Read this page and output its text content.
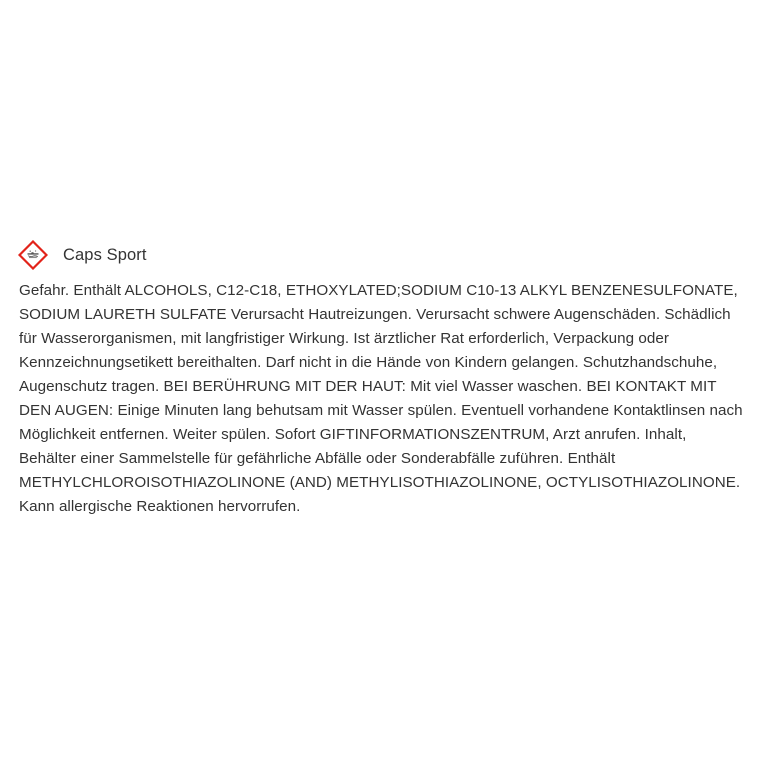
Caps Sport
Gefahr. Enthält ALCOHOLS, C12-C18, ETHOXYLATED;SODIUM C10-13 ALKYL BENZENESULFONATE, SODIUM LAURETH SULFATE Verursacht Hautreizungen. Verursacht schwere Augenschäden. Schädlich für Wasserorganismen, mit langfristiger Wirkung. Ist ärztlicher Rat erforderlich, Verpackung oder Kennzeichnungsetikett bereithalten. Darf nicht in die Hände von Kindern gelangen. Schutzhandschuhe, Augenschutz tragen. BEI BERÜHRUNG MIT DER HAUT: Mit viel Wasser waschen. BEI KONTAKT MIT DEN AUGEN: Einige Minuten lang behutsam mit Wasser spülen. Eventuell vorhandene Kontaktlinsen nach Möglichkeit entfernen. Weiter spülen. Sofort GIFTINFORMATIONSZENTRUM, Arzt anrufen. Inhalt, Behälter einer Sammelstelle für gefährliche Abfälle oder Sonderabfälle zuführen. Enthält METHYLCHLOROISOTHIAZOLINONE (AND) METHYLISOTHIAZOLINONE, OCTYLISOTHIAZOLINONE. Kann allergische Reaktionen hervorrufen.
